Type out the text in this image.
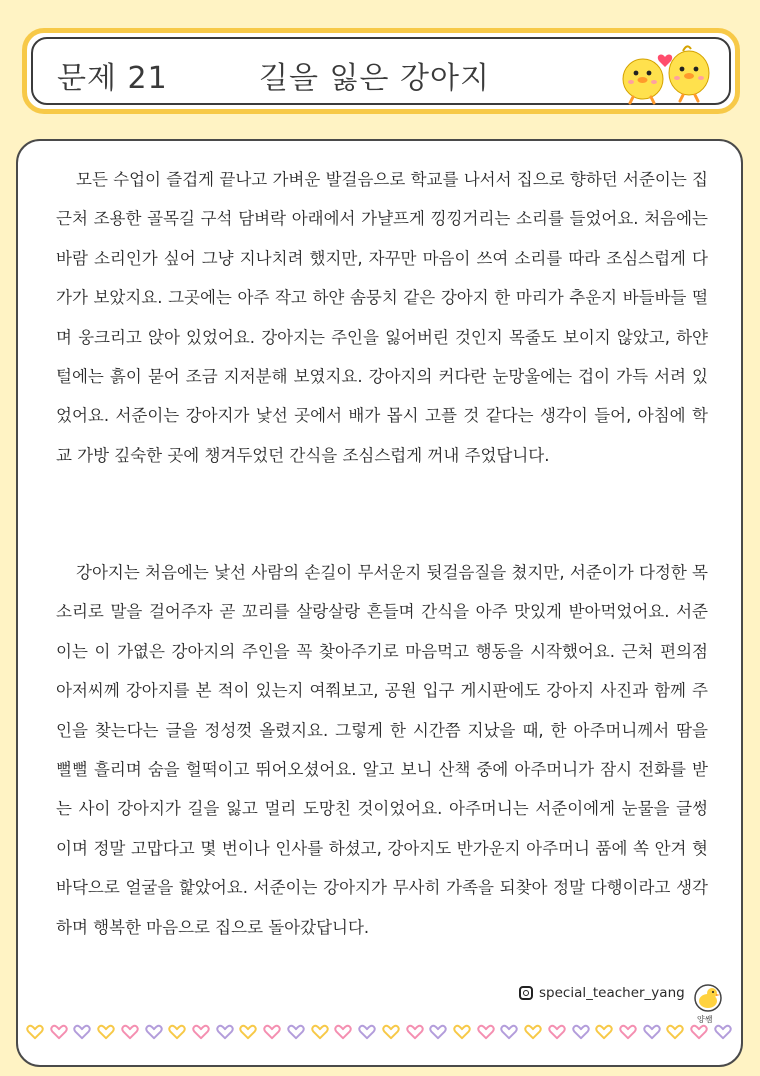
문제 21	길을 잃은 강아지

모든 수업이 즐겁게 끝나고 가벼운 발걸음으로 학교를 나서서 집으로 향하던 서준이는 집 근처 조용한 골목길 구석 담벼락 아래에서 가냘프게 낑낑거리는 소리를 들었어요. 처음에는 바람 소리인가 싶어 그냥 지나치려 했지만, 자꾸만 마음이 쓰여 소리를 따라 조심스럽게 다가가 보았지요. 그곳에는 아주 작고 하얀 솜뭉치 같은 강아지 한 마리가 추운지 바들바들 떨며 웅크리고 앉아 있었어요. 강아지는 주인을 잃어버린 것인지 목줄도 보이지 않았고, 하얀 털에는 흙이 묻어 조금 지저분해 보였지요. 강아지의 커다란 눈망울에는 겁이 가득 서려 있었어요. 서준이는 강아지가 낯선 곳에서 배가 몹시 고플 것 같다는 생각이 들어, 아침에 학교 가방 깊숙한 곳에 챙겨두었던 간식을 조심스럽게 꺼내 주었답니다.

강아지는 처음에는 낯선 사람의 손길이 무서운지 뒷걸음질을 쳤지만, 서준이가 다정한 목소리로 말을 걸어주자 곧 꼬리를 살랑살랑 흔들며 간식을 아주 맛있게 받아먹었어요. 서준이는 이 가엾은 강아지의 주인을 꼭 찾아주기로 마음먹고 행동을 시작했어요. 근처 편의점 아저씨께 강아지를 본 적이 있는지 여쭤보고, 공원 입구 게시판에도 강아지 사진과 함께 주인을 찾는다는 글을 정성껏 올렸지요. 그렇게 한 시간쯤 지났을 때, 한 아주머니께서 땀을 뻘뻘 흘리며 숨을 헐떡이고 뛰어오셨어요. 알고 보니 산책 중에 아주머니가 잠시 전화를 받는 사이 강아지가 길을 잃고 멀리 도망친 것이었어요. 아주머니는 서준이에게 눈물을 글썽이며 정말 고맙다고 몇 번이나 인사를 하셨고, 강아지도 반가운지 아주머니 품에 쏙 안겨 혓바닥으로 얼굴을 핥았어요. 서준이는 강아지가 무사히 가족을 되찾아 정말 다행이라고 생각하며 행복한 마음으로 집으로 돌아갔답니다.

special_teacher_yang
양쌤
